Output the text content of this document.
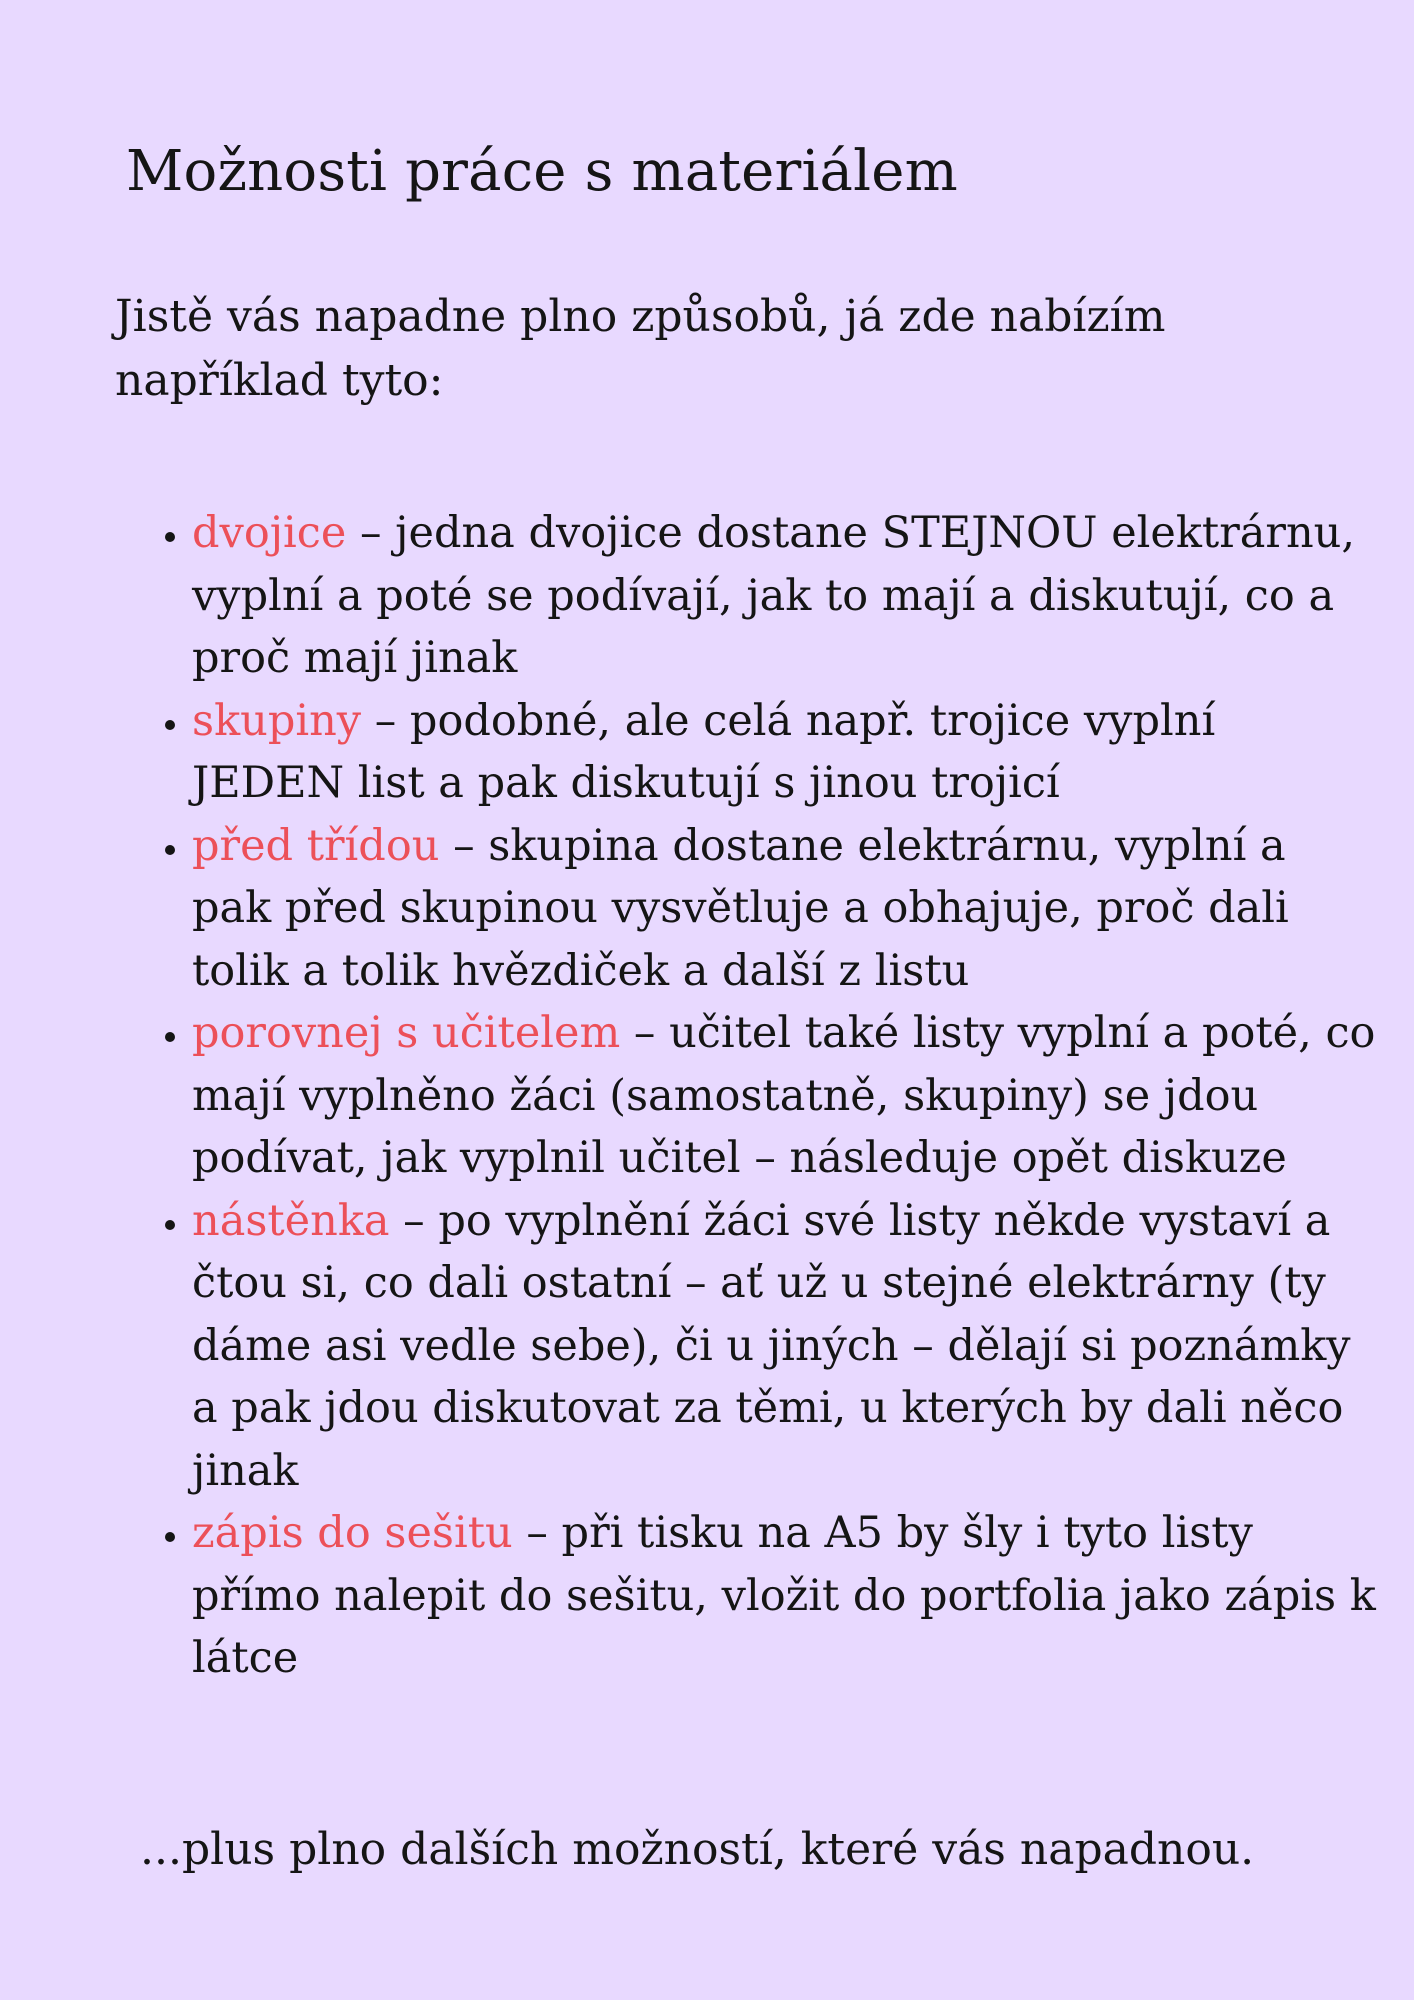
Možnosti práce s materiálem

Jistě vás napadne plno způsobů, já zde nabízím například tyto:

• dvojice – jedna dvojice dostane STEJNOU elektrárnu, vyplní a poté se podívají, jak to mají a diskutují, co a proč mají jinak
• skupiny – podobné, ale celá např. trojice vyplní JEDEN list a pak diskutují s jinou trojicí
• před třídou – skupina dostane elektrárnu, vyplní a pak před skupinou vysvětluje a obhajuje, proč dali tolik a tolik hvězdiček a další z listu
• porovnej s učitelem – učitel také listy vyplní a poté, co mají vyplněno žáci (samostatně, skupiny) se jdou podívat, jak vyplnil učitel – následuje opět diskuze
• nástěnka – po vyplnění žáci své listy někde vystaví a čtou si, co dali ostatní – ať už u stejné elektrárny (ty dáme asi vedle sebe), či u jiných – dělají si poznámky a pak jdou diskutovat za těmi, u kterých by dali něco jinak
• zápis do sešitu – při tisku na A5 by šly i tyto listy přímo nalepit do sešitu, vložit do portfolia jako zápis k látce

...plus plno dalších možností, které vás napadnou.
